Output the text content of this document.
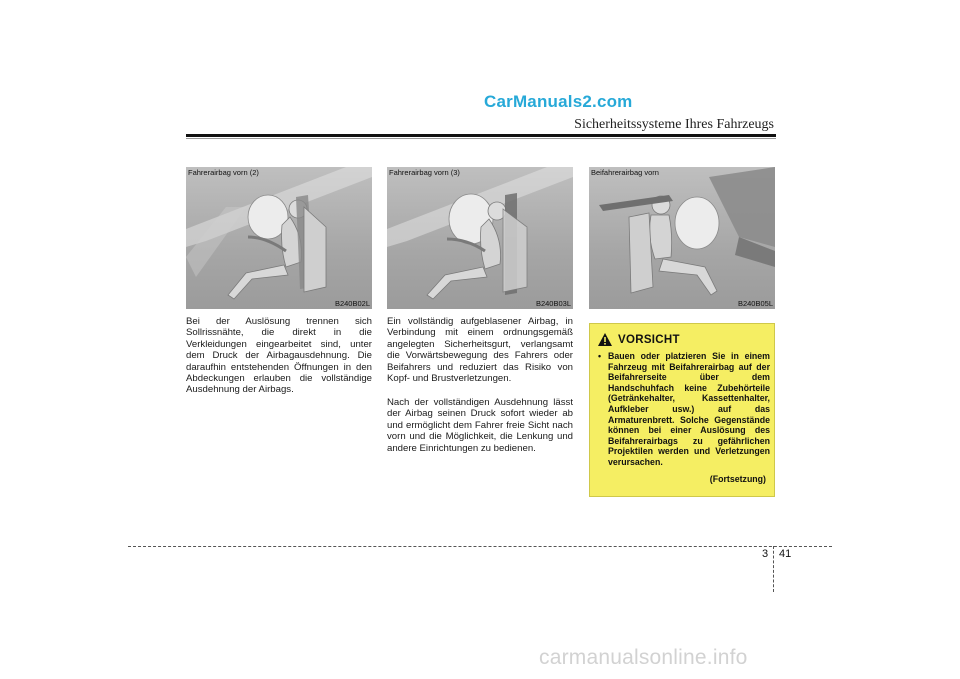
CarManuals2.com
Sicherheitssysteme Ihres Fahrzeugs
Fahrerairbag vorn (2)
B240B02L
Fahrerairbag vorn (3)
B240B03L
Beifahrerairbag vorn
B240B05L
Bei der Auslösung trennen sich Sollrissnähte, die direkt in die Verkleidungen eingearbeitet sind, unter dem Druck der Airbagausdehnung. Die daraufhin entstehenden Öffnungen in den Abdeckungen erlauben die vollständige Ausdehnung der Airbags.
Ein vollständig aufgeblasener Airbag, in Verbindung mit einem ordnungsgemäß angelegten Sicherheitsgurt, verlangsamt die Vorwärtsbewegung des Fahrers oder Beifahrers und reduziert das Risiko von Kopf- und Brustverletzungen.
Nach der vollständigen Ausdehnung lässt der Airbag seinen Druck sofort wieder ab und ermöglicht dem Fahrer freie Sicht nach vorn und die Möglichkeit, die Lenkung und andere Einrichtungen zu bedienen.
VORSICHT
• Bauen oder platzieren Sie in einem Fahrzeug mit Beifahrerairbag auf der Beifahrerseite über dem Handschuhfach keine Zubehörteile (Getränkehalter, Kassettenhalter, Aufkleber usw.) auf das Armaturenbrett. Solche Gegenstände können bei einer Auslösung des Beifahrerairbags zu gefährlichen Projektilen werden und Verletzungen verursachen.
(Fortsetzung)
3 41
carmanualsonline.info
